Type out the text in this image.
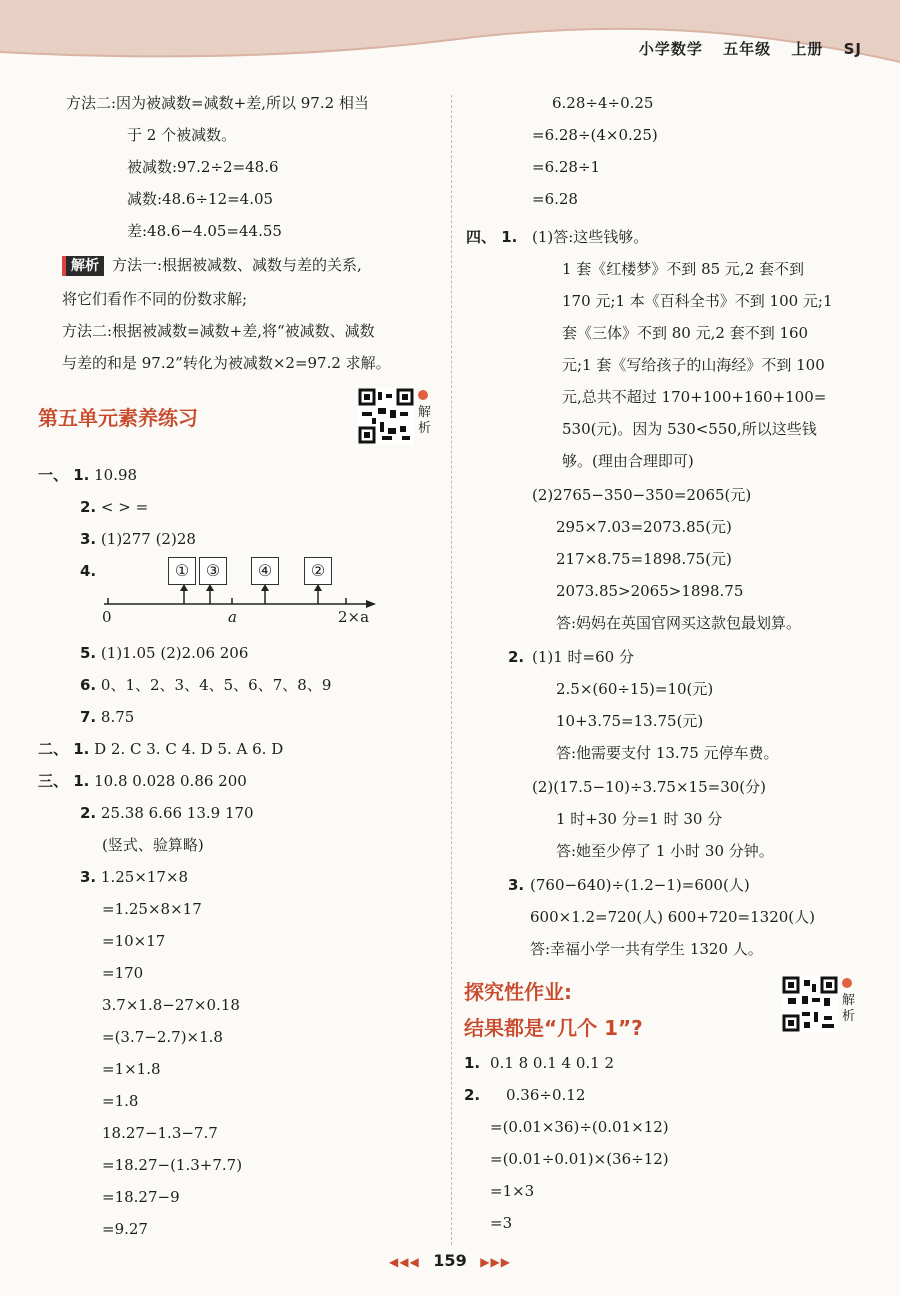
小学数学 五年级 上册 SJ
方法二:因为被减数=减数+差,所以 97.2 相当
于 2 个被减数。
被减数:97.2÷2=48.6
减数:48.6÷12=4.05
差:48.6−4.05=44.55
解析 方法一:根据被减数、减数与差的关系,
将它们看作不同的份数求解;
方法二:根据被减数=减数+差,将“被减数、减数
与差的和是 97.2”转化为被减数×2=97.2 求解。
第五单元素养练习	解析
一、 1. 10.98
2. < > =
3. (1)277 (2)28
4.	①	③	④	②
0	a	2×a
5. (1)1.05 (2)2.06 206
6. 0、1、2、3、4、5、6、7、8、9
7. 8.75
二、 1. D 2. C 3. C 4. D 5. A 6. D
三、 1. 10.8 0.028 0.86 200
2. 25.38 6.66 13.9 170
(竖式、验算略)
3. 1.25×17×8
=1.25×8×17
=10×17
=170
3.7×1.8−27×0.18
=(3.7−2.7)×1.8
=1×1.8
=1.8
18.27−1.3−7.7
=18.27−(1.3+7.7)
=18.27−9
=9.27
6.28÷4÷0.25
=6.28÷(4×0.25)
=6.28÷1
=6.28
四、 1. (1)答:这些钱够。
1 套《红楼梦》不到 85 元,2 套不到
170 元;1 本《百科全书》不到 100 元;1
套《三体》不到 80 元,2 套不到 160
元;1 套《写给孩子的山海经》不到 100
元,总共不超过 170+100+160+100=
530(元)。因为 530<550,所以这些钱
够。(理由合理即可)
(2)2765−350−350=2065(元)
295×7.03=2073.85(元)
217×8.75=1898.75(元)
2073.85>2065>1898.75
答:妈妈在英国官网买这款包最划算。
2. (1)1 时=60 分
2.5×(60÷15)=10(元)
10+3.75=13.75(元)
答:他需要支付 13.75 元停车费。
(2)(17.5−10)÷3.75×15=30(分)
1 时+30 分=1 时 30 分
答:她至少停了 1 小时 30 分钟。
3. (760−640)÷(1.2−1)=600(人)
600×1.2=720(人) 600+720=1320(人)
答:幸福小学一共有学生 1320 人。
探究性作业:
结果都是“几个 1”?
解析
1. 0.1 8 0.1 4 0.1 2
2. 0.36÷0.12
=(0.01×36)÷(0.01×12)
=(0.01÷0.01)×(36÷12)
=1×3
=3
◀◀◀ 159 ▶▶▶
